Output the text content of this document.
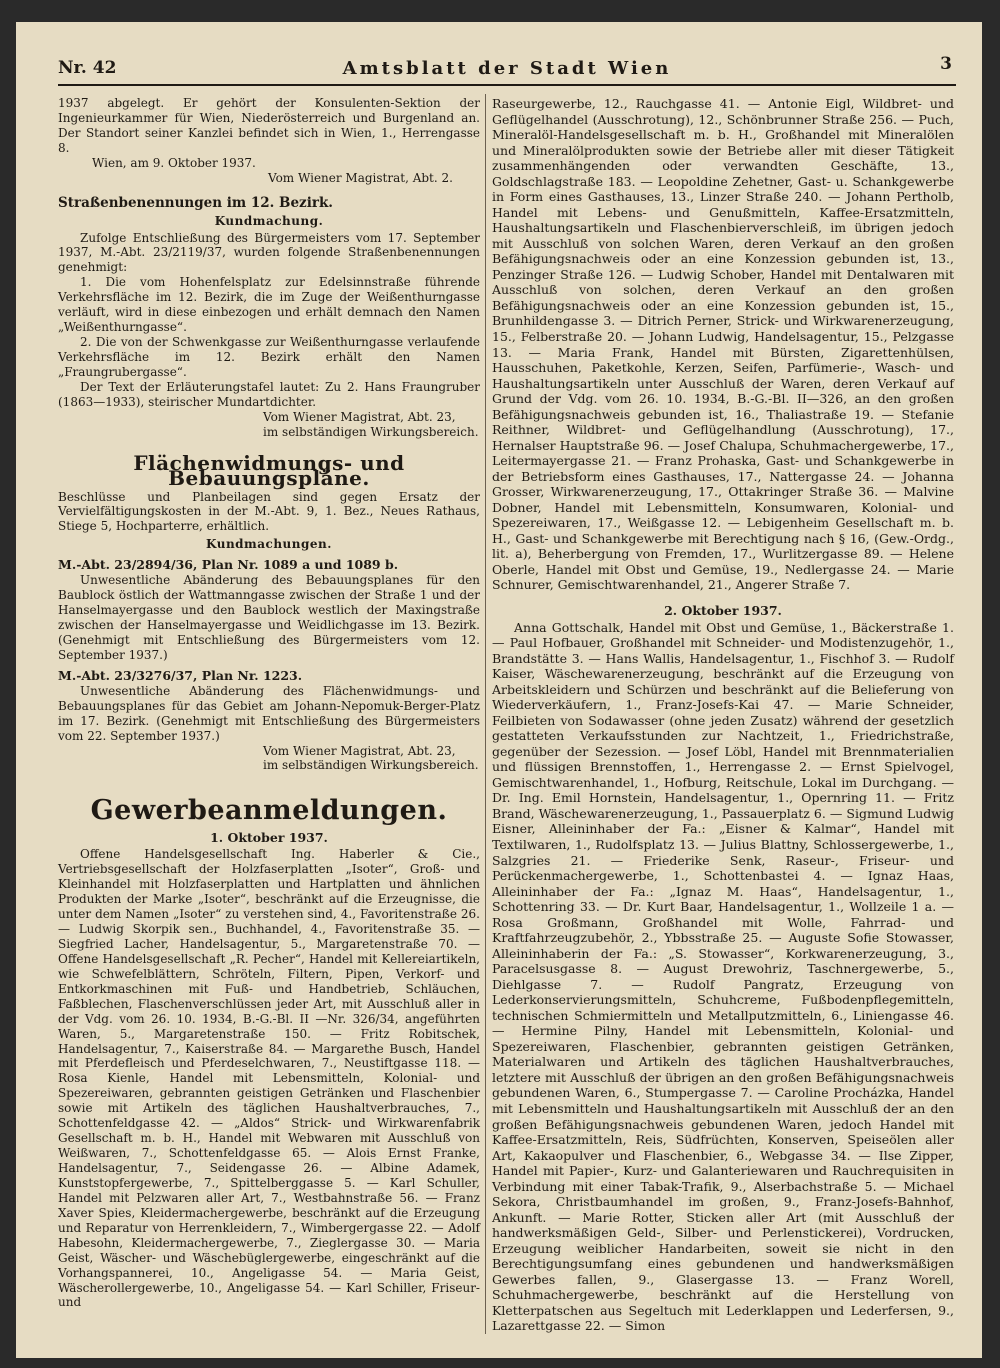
Amtsblatt der Stadt Wien
Nr. 42	3

1937 abgelegt. Er gehört der Konsulenten-Sektion der Ingenieurkammer für Wien, Niederösterreich und Burgenland an. Der Standort seiner Kanzlei befindet sich in Wien, 1., Herrengasse 8.

Wien, am 9. Oktober 1937.

Vom Wiener Magistrat, Abt. 2.

Straßenbenennungen im 12. Bezirk.
Kundmachung.

Zufolge Entschließung des Bürgermeisters vom 17. September 1937, M.-Abt. 23/2119/37, wurden folgende Straßenbenennungen genehmigt:

1. Die vom Hohenfelsplatz zur Edelsinnstraße führende Verkehrsfläche im 12. Bezirk, die im Zuge der Weißenthurngasse verläuft, wird in diese einbezogen und erhält demnach den Namen „Weißenthurngasse“.

2. Die von der Schwenkgasse zur Weißenthurngasse verlaufende Verkehrsfläche im 12. Bezirk erhält den Namen „Fraungrubergasse“.

Der Text der Erläuterungstafel lautet: Zu 2. Hans Fraungruber (1863—1933), steirischer Mundartdichter.

Vom Wiener Magistrat, Abt. 23,

im selbständigen Wirkungsbereich.

Flächenwidmungs- und Bebauungspläne.

Beschlüsse und Planbeilagen sind gegen Ersatz der Vervielfältigungskosten in der M.-Abt. 9, 1. Bez., Neues Rathaus, Stiege 5, Hochparterre, erhältlich.

Kundmachungen.
M.-Abt. 23/2894/36, Plan Nr. 1089 a und 1089 b.

Unwesentliche Abänderung des Bebauungsplanes für den Baublock östlich der Wattmanngasse zwischen der Straße 1 und der Hanselmayergasse und den Baublock westlich der Maxingstraße zwischen der Hanselmayergasse und Weidlichgasse im 13. Bezirk. (Genehmigt mit Entschließung des Bürgermeisters vom 12. September 1937.)

M.-Abt. 23/3276/37, Plan Nr. 1223.

Unwesentliche Abänderung des Flächenwidmungs- und Bebauungsplanes für das Gebiet am Johann-Nepomuk-Berger-Platz im 17. Bezirk. (Genehmigt mit Entschließung des Bürgermeisters vom 22. September 1937.)

Vom Wiener Magistrat, Abt. 23,

im selbständigen Wirkungsbereich.

Gewerbeanmeldungen.
1. Oktober 1937.

Offene Handelsgesellschaft Ing. Haberler & Cie., Vertriebsgesellschaft der Holzfaserplatten „Isoter“, Groß- und Kleinhandel mit Holzfaserplatten und Hartplatten und ähnlichen Produkten der Marke „Isoter“, beschränkt auf die Erzeugnisse, die unter dem Namen „Isoter“ zu verstehen sind, 4., Favoritenstraße 26. — Ludwig Skorpik sen., Buchhandel, 4., Favoritenstraße 35. — Siegfried Lacher, Handelsagentur, 5., Margaretenstraße 70. — Offene Handelsgesellschaft „R. Pecher“, Handel mit Kellereiartikeln, wie Schwefelblättern, Schröteln, Filtern, Pipen, Verkorf- und Entkorkmaschinen mit Fuß- und Handbetrieb, Schläuchen, Faßblechen, Flaschenverschlüssen jeder Art, mit Ausschluß aller in der Vdg. vom 26. 10. 1934, B.-G.-Bl. II —Nr. 326/34, angeführten Waren, 5., Margaretenstraße 150. — Fritz Robitschek, Handelsagentur, 7., Kaiserstraße 84. — Margarethe Busch, Handel mit Pferdefleisch und Pferdeselchwaren, 7., Neustiftgasse 118. — Rosa Kienle, Handel mit Lebensmitteln, Kolonial- und Spezereiwaren, gebrannten geistigen Getränken und Flaschenbier sowie mit Artikeln des täglichen Haushaltverbrauches, 7., Schottenfeldgasse 42. — „Aldos“ Strick- und Wirkwarenfabrik Gesellschaft m. b. H., Handel mit Webwaren mit Ausschluß von Weißwaren, 7., Schottenfeldgasse 65. — Alois Ernst Franke, Handelsagentur, 7., Seidengasse 26. — Albine Adamek, Kunststopfergewerbe, 7., Spittelberggasse 5. — Karl Schuller, Handel mit Pelzwaren aller Art, 7., Westbahnstraße 56. — Franz Xaver Spies, Kleidermachergewerbe, beschränkt auf die Erzeugung und Reparatur von Herrenkleidern, 7., Wimbergergasse 22. — Adolf Habesohn, Kleidermachergewerbe, 7., Zieglergasse 30. — Maria Geist, Wäscher- und Wäschebüglergewerbe, eingeschränkt auf die Vorhangspannerei, 10., Angeligasse 54. — Maria Geist, Wäscherollergewerbe, 10., Angeligasse 54. — Karl Schiller, Friseur- und

Raseurgewerbe, 12., Rauchgasse 41. — Antonie Eigl, Wildbret- und Geflügelhandel (Ausschrotung), 12., Schönbrunner Straße 256. — Puch, Mineralöl-Handelsgesellschaft m. b. H., Großhandel mit Mineralölen und Mineralölprodukten sowie der Betriebe aller mit dieser Tätigkeit zusammenhängenden oder verwandten Geschäfte, 13., Goldschlagstraße 183. — Leopoldine Zehetner, Gast- u. Schankgewerbe in Form eines Gasthauses, 13., Linzer Straße 240. — Johann Pertholb, Handel mit Lebens- und Genußmitteln, Kaffee-Ersatzmitteln, Haushaltungsartikeln und Flaschenbierverschleiß, im übrigen jedoch mit Ausschluß von solchen Waren, deren Verkauf an den großen Befähigungsnachweis oder an eine Konzession gebunden ist, 13., Penzinger Straße 126. — Ludwig Schober, Handel mit Dentalwaren mit Ausschluß von solchen, deren Verkauf an den großen Befähigungsnachweis oder an eine Konzession gebunden ist, 15., Brunhildengasse 3. — Ditrich Perner, Strick- und Wirkwarenerzeugung, 15., Felberstraße 20. — Johann Ludwig, Handelsagentur, 15., Pelzgasse 13. — Maria Frank, Handel mit Bürsten, Zigarettenhülsen, Hausschuhen, Paketkohle, Kerzen, Seifen, Parfümerie-, Wasch- und Haushaltungsartikeln unter Ausschluß der Waren, deren Verkauf auf Grund der Vdg. vom 26. 10. 1934, B.-G.-Bl. II—326, an den großen Befähigungsnachweis gebunden ist, 16., Thaliastraße 19. — Stefanie Reithner, Wildbret- und Geflügelhandlung (Ausschrotung), 17., Hernalser Hauptstraße 96. — Josef Chalupa, Schuhmachergewerbe, 17., Leitermayergasse 21. — Franz Prohaska, Gast- und Schankgewerbe in der Betriebsform eines Gasthauses, 17., Nattergasse 24. — Johanna Grosser, Wirkwarenerzeugung, 17., Ottakringer Straße 36. — Malvine Dobner, Handel mit Lebensmitteln, Konsumwaren, Kolonial- und Spezereiwaren, 17., Weißgasse 12. — Lebigenheim Gesellschaft m. b. H., Gast- und Schankgewerbe mit Berechtigung nach § 16, (Gew.-Ordg., lit. a), Beherbergung von Fremden, 17., Wurlitzergasse 89. — Helene Oberle, Handel mit Obst und Gemüse, 19., Nedlergasse 24. — Marie Schnurer, Gemischtwarenhandel, 21., Angerer Straße 7.

2. Oktober 1937.

Anna Gottschalk, Handel mit Obst und Gemüse, 1., Bäckerstraße 1. — Paul Hofbauer, Großhandel mit Schneider- und Modistenzugehör, 1., Brandstätte 3. — Hans Wallis, Handelsagentur, 1., Fischhof 3. — Rudolf Kaiser, Wäschewarenerzeugung, beschränkt auf die Erzeugung von Arbeitskleidern und Schürzen und beschränkt auf die Belieferung von Wiederverkäufern, 1., Franz-Josefs-Kai 47. — Marie Schneider, Feilbieten von Sodawasser (ohne jeden Zusatz) während der gesetzlich gestatteten Verkaufsstunden zur Nachtzeit, 1., Friedrichstraße, gegenüber der Sezession. — Josef Löbl, Handel mit Brennmaterialien und flüssigen Brennstoffen, 1., Herrengasse 2. — Ernst Spielvogel, Gemischtwarenhandel, 1., Hofburg, Reitschule, Lokal im Durchgang. — Dr. Ing. Emil Hornstein, Handelsagentur, 1., Opernring 11. — Fritz Brand, Wäschewarenerzeugung, 1., Passauerplatz 6. — Sigmund Ludwig Eisner, Alleininhaber der Fa.: „Eisner & Kalmar“, Handel mit Textilwaren, 1., Rudolfsplatz 13. — Julius Blattny, Schlossergewerbe, 1., Salzgries 21. — Friederike Senk, Raseur-, Friseur- und Perückenmachergewerbe, 1., Schottenbastei 4. — Ignaz Haas, Alleininhaber der Fa.: „Ignaz M. Haas“, Handelsagentur, 1., Schottenring 33. — Dr. Kurt Baar, Handelsagentur, 1., Wollzeile 1 a. — Rosa Großmann, Großhandel mit Wolle, Fahrrad- und Kraftfahrzeugzubehör, 2., Ybbsstraße 25. — Auguste Sofie Stowasser, Alleininhaberin der Fa.: „S. Stowasser“, Korkwarenerzeugung, 3., Paracelsusgasse 8. — August Drewohriz, Taschnergewerbe, 5., Diehlgasse 7. — Rudolf Pangratz, Erzeugung von Lederkonservierungsmitteln, Schuhcreme, Fußbodenpflegemitteln, technischen Schmiermitteln und Metallputzmitteln, 6., Liniengasse 46. — Hermine Pilny, Handel mit Lebensmitteln, Kolonial- und Spezereiwaren, Flaschenbier, gebrannten geistigen Getränken, Materialwaren und Artikeln des täglichen Haushaltverbrauches, letztere mit Ausschluß der übrigen an den großen Befähigungsnachweis gebundenen Waren, 6., Stumpergasse 7. — Caroline Procházka, Handel mit Lebensmitteln und Haushaltungsartikeln mit Ausschluß der an den großen Befähigungsnachweis gebundenen Waren, jedoch Handel mit Kaffee-Ersatzmitteln, Reis, Südfrüchten, Konserven, Speiseölen aller Art, Kakaopulver und Flaschenbier, 6., Webgasse 34. — Ilse Zipper, Handel mit Papier-, Kurz- und Galanteriewaren und Rauchrequisiten in Verbindung mit einer Tabak-Trafik, 9., Alserbachstraße 5. — Michael Sekora, Christbaumhandel im großen, 9., Franz-Josefs-Bahnhof, Ankunft. — Marie Rotter, Sticken aller Art (mit Ausschluß der handwerksmäßigen Geld-, Silber- und Perlenstickerei), Vordrucken, Erzeugung weiblicher Handarbeiten, soweit sie nicht in den Berechtigungsumfang eines gebundenen und handwerksmäßigen Gewerbes fallen, 9., Glasergasse 13. — Franz Worell, Schuhmachergewerbe, beschränkt auf die Herstellung von Kletterpatschen aus Segeltuch mit Lederklappen und Lederfersen, 9., Lazarettgasse 22. — Simon
